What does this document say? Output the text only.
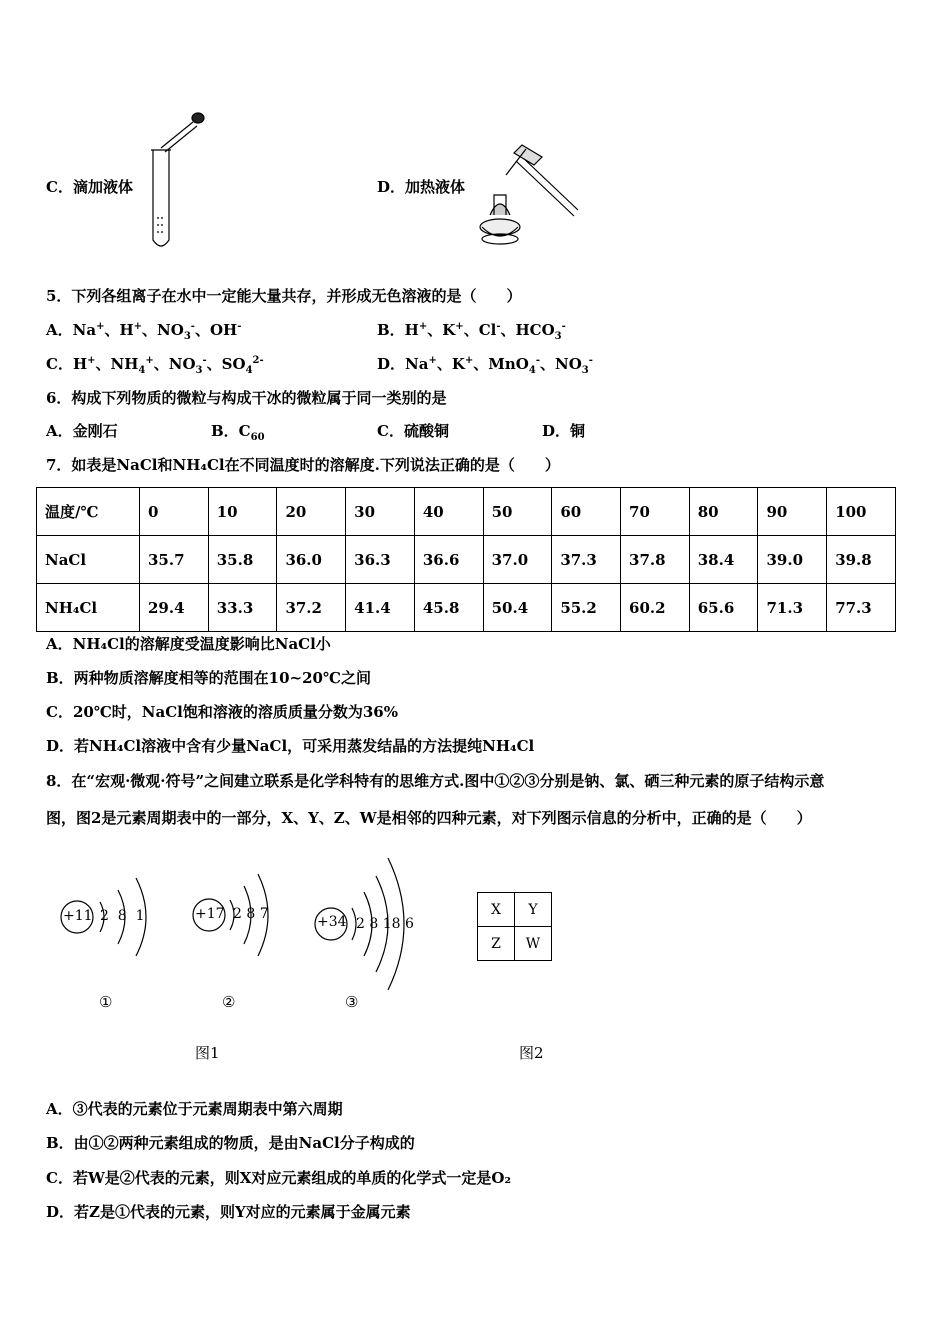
C．滴加液体	D．加热液体
5．下列各组离子在水中一定能大量共存，并形成无色溶液的是（　　）
A．Na+、H+、$NO_3^-$、OH-	B．H+、K+、Cl-、$HCO_3^-$
C．H+、$NH_4^+$、$NO_3^-$、$SO_4^{2-}$	D．Na+、K+、MnO$_4$-、$NO_3^-$
6．构成下列物质的微粒与构成干冰的微粒属于同一类别的是
A．金刚石	B．$C_{60}$	C．硫酸铜	D．铜
7．如表是NaCl和NH₄Cl在不同温度时的溶解度.下列说法正确的是（　　）
温度/℃	0	10	20	30	40	50	60	70	80	90	100
NaCl	35.7	35.8	36.0	36.3	36.6	37.0	37.3	37.8	38.4	39.0	39.8
NH₄Cl	29.4	33.3	37.2	41.4	45.8	50.4	55.2	60.2	65.6	71.3	77.3
A．NH₄Cl的溶解度受温度影响比NaCl小
B．两种物质溶解度相等的范围在10~20℃之间
C．20℃时，NaCl饱和溶液的溶质质量分数为36%
D．若NH₄Cl溶液中含有少量NaCl，可采用蒸发结晶的方法提纯NH₄Cl
8．在“宏观·微观·符号”之间建立联系是化学科特有的思维方式.图中①②③分别是钠、氯、硒三种元素的原子结构示意
图，图2是元素周期表中的一部分，X、Y、Z、W是相邻的四种元素，对下列图示信息的分析中，正确的是（　　）
+11 2  8  1
①
+17 2 8 7
②
+34 2 8 18 6
③
图1
X	Y
Z	W
图2
A．③代表的元素位于元素周期表中第六周期
B．由①②两种元素组成的物质，是由NaCl分子构成的
C．若W是②代表的元素，则X对应元素组成的单质的化学式一定是O₂
D．若Z是①代表的元素，则Y对应的元素属于金属元素
